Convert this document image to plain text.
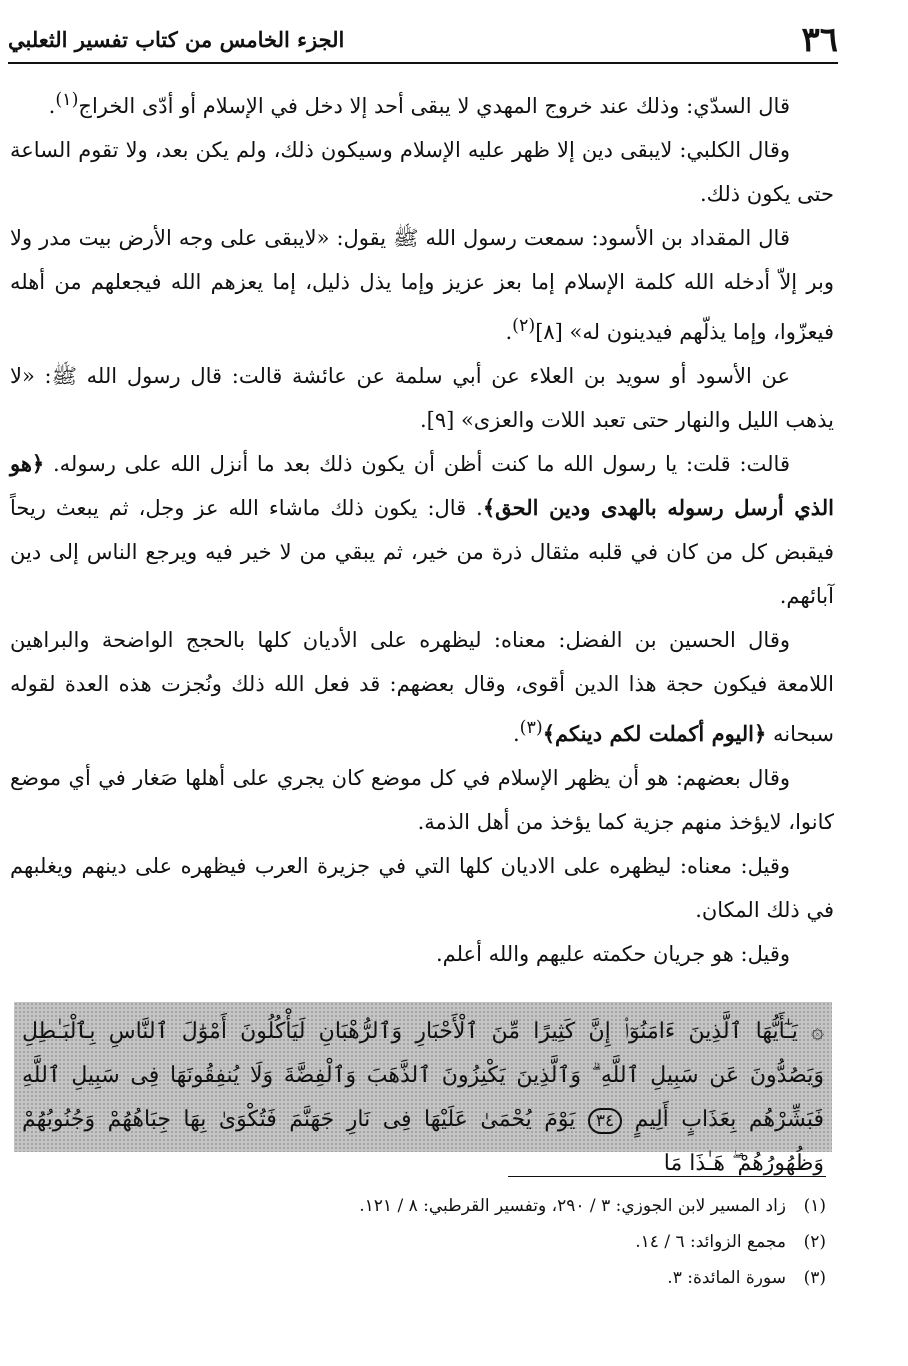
٣٦
الجزء الخامس من كتاب تفسير الثعلبي

قال السدّي: وذلك عند خروج المهدي لا يبقى أحد إلا دخل في الإسلام أو أدّى الخراج$^{(١)}$.

وقال الكلبي: لايبقى دين إلا ظهر عليه الإسلام وسيكون ذلك، ولم يكن بعد، ولا تقوم الساعة حتى يكون ذلك.

قال المقداد بن الأسود: سمعت رسول الله ﷺ يقول: «لايبقى على وجه الأرض بيت مدر ولا وبر إلاّ أدخله الله كلمة الإسلام إما بعز عزيز وإما يذل ذليل، إما يعزهم الله فيجعلهم من أهله فيعزّوا، وإما يذلّهم فيدينون له» [٨]$^{(٢)}$.

عن الأسود أو سويد بن العلاء عن أبي سلمة عن عائشة قالت: قال رسول الله ﷺ: «لا يذهب الليل والنهار حتى تعبد اللات والعزى» [٩].

قالت: قلت: يا رسول الله ما كنت أظن أن يكون ذلك بعد ما أنزل الله على رسوله. ﴿هو الذي أرسل رسوله بالهدى ودين الحق﴾. قال: يكون ذلك ماشاء الله عز وجل، ثم يبعث ريحاً فيقبض كل من كان في قلبه مثقال ذرة من خير، ثم يبقي من لا خير فيه ويرجع الناس إلى دين آبائهم.

وقال الحسين بن الفضل: معناه: ليظهره على الأديان كلها بالحجج الواضحة والبراهين اللامعة فيكون حجة هذا الدين أقوى، وقال بعضهم: قد فعل الله ذلك ونُجزت هذه العدة لقوله سبحانه ﴿اليوم أكملت لكم دينكم﴾$^{(٣)}$.

وقال بعضهم: هو أن يظهر الإسلام في كل موضع كان يجري على أهلها صَغار في أي موضع كانوا، لايؤخذ منهم جزية كما يؤخذ من أهل الذمة.

وقيل: معناه: ليظهره على الاديان كلها التي في جزيرة العرب فيظهره على دينهم ويغلبهم في ذلك المكان.

وقيل: هو جريان حكمته عليهم والله أعلم.

۞ يَـٰٓأَيُّهَا ٱلَّذِينَ ءَامَنُوٓا۟ إِنَّ كَثِيرًا مِّنَ ٱلْأَحْبَارِ وَٱلرُّهْبَانِ لَيَأْكُلُونَ أَمْوَٰلَ ٱلنَّاسِ بِٱلْبَـٰطِلِ وَيَصُدُّونَ عَن سَبِيلِ ٱللَّهِ ۗ وَٱلَّذِينَ يَكْنِزُونَ ٱلذَّهَبَ وَٱلْفِضَّةَ وَلَا يُنفِقُونَهَا فِى سَبِيلِ ٱللَّهِ فَبَشِّرْهُم بِعَذَابٍ أَلِيمٍ ٣٤ يَوْمَ يُحْمَىٰ عَلَيْهَا فِى نَارِ جَهَنَّمَ فَتُكْوَىٰ بِهَا جِبَاهُهُمْ وَجُنُوبُهُمْ وَظُهُورُهُمْ ۖ هَـٰذَا مَا
(١)زاد المسير لابن الجوزي: ٣ / ٢٩٠، وتفسير القرطبي: ٨ / ١٢١.
(٢)مجمع الزوائد: ٦ / ١٤.
(٣)سورة المائدة: ٣.
